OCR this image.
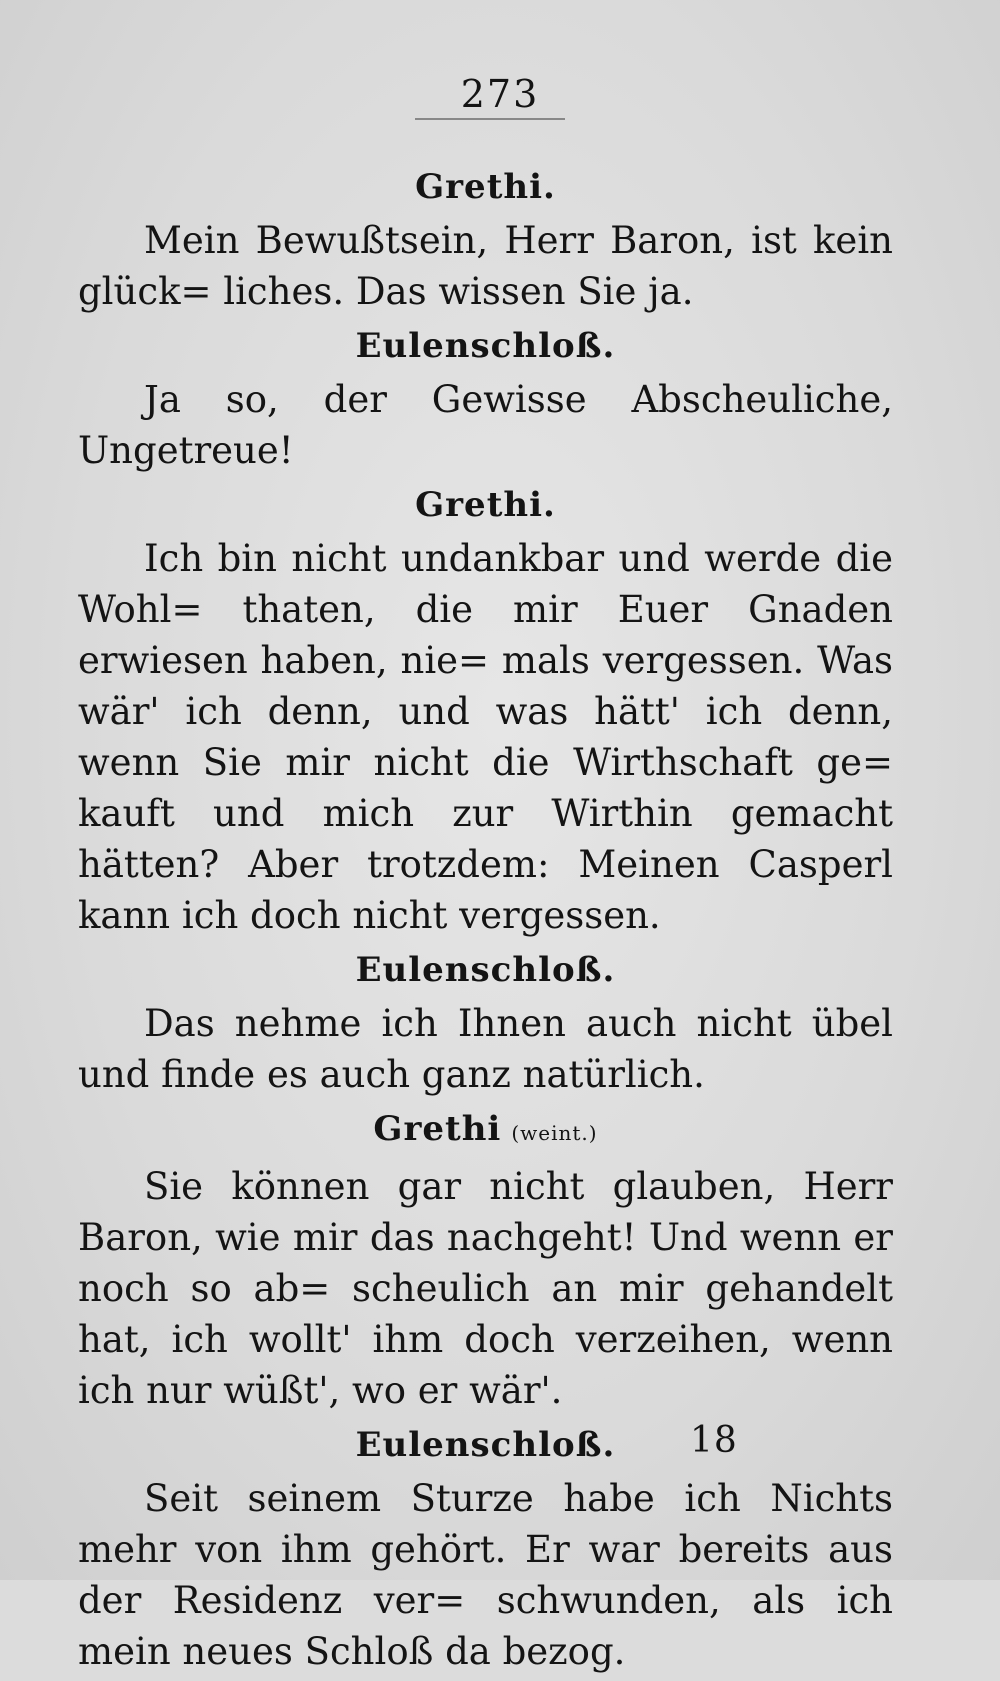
273
Grethi.

Mein Bewußtsein, Herr Baron, ist kein glück= liches. Das wissen Sie ja.

Eulenschloß.

Ja so, der Gewisse Abscheuliche, Ungetreue!

Grethi.

Ich bin nicht undankbar und werde die Wohl= thaten, die mir Euer Gnaden erwiesen haben, nie= mals vergessen. Was wär' ich denn, und was hätt' ich denn, wenn Sie mir nicht die Wirthschaft ge= kauft und mich zur Wirthin gemacht hätten? Aber trotzdem: Meinen Casperl kann ich doch nicht vergessen.

Eulenschloß.

Das nehme ich Ihnen auch nicht übel und finde es auch ganz natürlich.

Grethi (weint.)

Sie können gar nicht glauben, Herr Baron, wie mir das nachgeht! Und wenn er noch so ab= scheulich an mir gehandelt hat, ich wollt' ihm doch verzeihen, wenn ich nur wüßt', wo er wär'.

Eulenschloß.

Seit seinem Sturze habe ich Nichts mehr von ihm gehört. Er war bereits aus der Residenz ver= schwunden, als ich mein neues Schloß da bezog.

18
